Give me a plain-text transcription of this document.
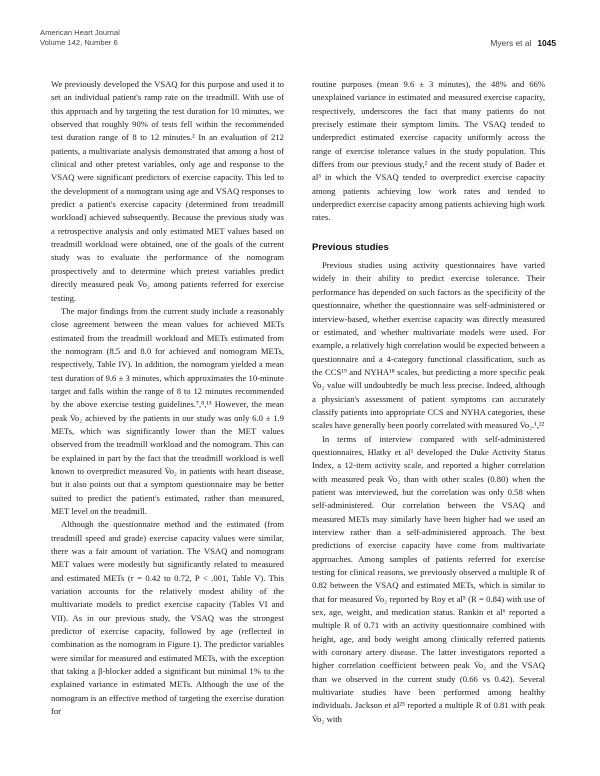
American Heart Journal
Volume 142, Number 6	Myers et al 1045

We previously developed the VSAQ for this purpose and used it to set an individual patient's ramp rate on the treadmill. With use of this approach and by targeting the test duration for 10 minutes, we observed that roughly 90% of tests fell within the recommended test duration range of 8 to 12 minutes.² In an evaluation of 212 patients, a multivariate analysis demonstrated that among a host of clinical and other pretest variables, only age and response to the VSAQ were significant predictors of exercise capacity. This led to the development of a nomogram using age and VSAQ responses to predict a patient's exercise capacity (determined from treadmill workload) achieved subsequently. Because the previous study was a retrospective analysis and only estimated MET values based on treadmill workload were obtained, one of the goals of the current study was to evaluate the performance of the nomogram prospectively and to determine which pretest variables predict directly measured peak V̇o₂ among patients referred for exercise testing.

The major findings from the current study include a reasonably close agreement between the mean values for achieved METs estimated from the treadmill workload and METs estimated from the nomogram (8.5 and 8.0 for achieved and nomogram METs, respectively, Table IV). In addition, the nomogram yielded a mean test duration of 9.6 ± 3 minutes, which approximates the 10-minute target and falls within the range of 8 to 12 minutes recommended by the above exercise testing guidelines.⁷,⁸,¹³ However, the mean peak V̇o₂ achieved by the patients in our study was only 6.0 ± 1.9 METs, which was significantly lower than the MET values observed from the treadmill workload and the nomogram. This can be explained in part by the fact that the treadmill workload is well known to overpredict measured V̇o₂ in patients with heart disease, but it also points out that a symptom questionnaire may be better suited to predict the patient's estimated, rather than measured, MET level on the treadmill.

Although the questionnaire method and the estimated (from treadmill speed and grade) exercise capacity values were similar, there was a fair amount of variation. The VSAQ and nomogram MET values were modestly but significantly related to measured and estimated METs (r = 0.42 to 0.72, P < .001, Table V). This variation accounts for the relatively modest ability of the multivariate models to predict exercise capacity (Tables VI and VII). As in our previous study, the VSAQ was the strongest predictor of exercise capacity, followed by age (reflected in combination as the nomogram in Figure 1). The predictor variables were similar for measured and estimated METs, with the exception that taking a β-blocker added a significant but minimal 1% to the explained variance in estimated METs. Although the use of the nomogram is an effective method of targeting the exercise duration for

routine purposes (mean 9.6 ± 3 minutes), the 48% and 66% unexplained variance in estimated and measured exercise capacity, respectively, underscores the fact that many patients do not precisely estimate their symptom limits. The VSAQ tended to underpredict estimated exercise capacity uniformly across the range of exercise tolerance values in the study population. This differs from our previous study,² and the recent study of Bader et al³ in which the VSAQ tended to overpredict exercise capacity among patients achieving low work rates and tended to underpredict exercise capacity among patients achieving high work rates.

Previous studies

Previous studies using activity questionnaires have varied widely in their ability to predict exercise tolerance. Their performance has depended on such factors as the specificity of the questionnaire, whether the questionnaire was self-administered or interview-based, whether exercise capacity was directly measured or estimated, and whether multivariate models were used. For example, a relatively high correlation would be expected between a questionnaire and a 4-category functional classification, such as the CCS¹⁹ and NYHA¹⁸ scales, but predicting a more specific peak V̇o₂ value will undoubtedly be much less precise. Indeed, although a physician's assessment of patient symptoms can accurately classify patients into appropriate CCS and NYHA categories, these scales have generally been poorly correlated with measured V̇o₂.¹,²²

In terms of interview compared with self-administered questionnaires, Hlatky et al¹ developed the Duke Activity Status Index, a 12-item activity scale, and reported a higher correlation with measured peak V̇o₂ than with other scales (0.80) when the patient was interviewed, but the correlation was only 0.58 when self-administered. Our correlation between the VSAQ and measured METs may similarly have been higher had we used an interview rather than a self-administered approach. The best predictions of exercise capacity have come from multivariate approaches. Among samples of patients referred for exercise testing for clinical reasons, we previously observed a multiple R of 0.82 between the VSAQ and estimated METs, which is similar to that for measured V̇o₂ reported by Roy et al⁵ (R = 0.84) with use of sex, age, weight, and medication status. Rankin et al⁶ reported a multiple R of 0.71 with an activity questionnaire combined with height, age, and body weight among clinically referred patients with coronary artery disease. The latter investigators reported a higher correlation coefficient between peak V̇o₂ and the VSAQ than we observed in the current study (0.66 vs 0.42). Several multivariate studies have been performed among healthy individuals. Jackson et al²⁵ reported a multiple R of 0.81 with peak V̇o₂ with
